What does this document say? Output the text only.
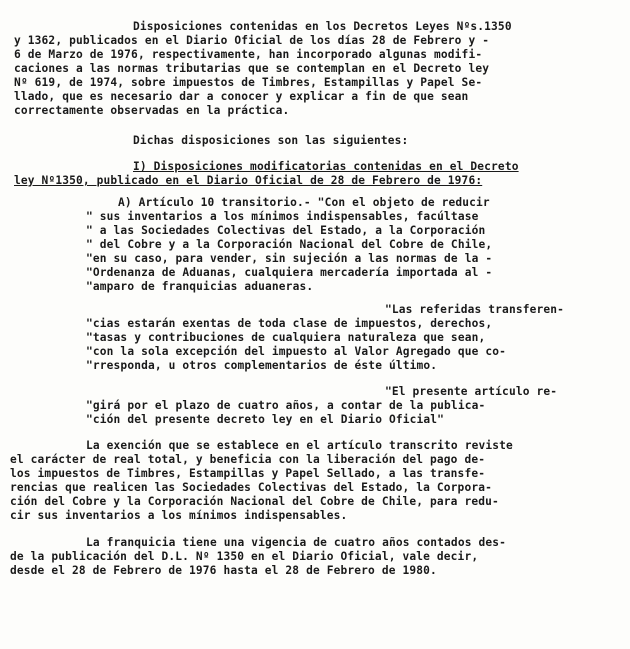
Disposiciones contenidas en los Decretos Leyes Nºs.1350
y 1362, publicados en el Diario Oficial de los días 28 de Febrero y -
6 de Marzo de 1976, respectivamente, han incorporado algunas modifi-
caciones a las normas tributarias que se contemplan en el Decreto ley
Nº 619, de 1974, sobre impuestos de Timbres, Estampillas y Papel Se-
llado, que es necesario dar a conocer y explicar a fin de que sean
correctamente observadas en la práctica.
Dichas disposiciones son las siguientes:
I) Disposiciones modificatorias contenidas en el Decreto
ley Nº1350, publicado en el Diario Oficial de 28 de Febrero de 1976:
A) Artículo 10 transitorio.- "Con el objeto de reducir
" sus inventarios a los mínimos indispensables, facúltase
" a las Sociedades Colectivas del Estado, a la Corporación
" del Cobre y a la Corporación Nacional del Cobre de Chile,
"en su caso, para vender, sin sujeción a las normas de la -
"Ordenanza de Aduanas, cualquiera mercadería importada al -
"amparo de franquicias aduaneras.
"Las referidas transferen-
"cias estarán exentas de toda clase de impuestos, derechos,
"tasas y contribuciones de cualquiera naturaleza que sean,
"con la sola excepción del impuesto al Valor Agregado que co-
"rresponda, u otros complementarios de éste último.
"El presente artículo re-
"girá por el plazo de cuatro años, a contar de la publica-
"ción del presente decreto ley en el Diario Oficial"
La exención que se establece en el artículo transcrito reviste
el carácter de real total, y beneficia con la liberación del pago de-
los impuestos de Timbres, Estampillas y Papel Sellado, a las transfe-
rencias que realicen las Sociedades Colectivas del Estado, la Corpora-
ción del Cobre y la Corporación Nacional del Cobre de Chile, para redu-
cir sus inventarios a los mínimos indispensables.
La franquicia tiene una vigencia de cuatro años contados des-
de la publicación del D.L. Nº 1350 en el Diario Oficial, vale decir,
desde el 28 de Febrero de 1976 hasta el 28 de Febrero de 1980.
